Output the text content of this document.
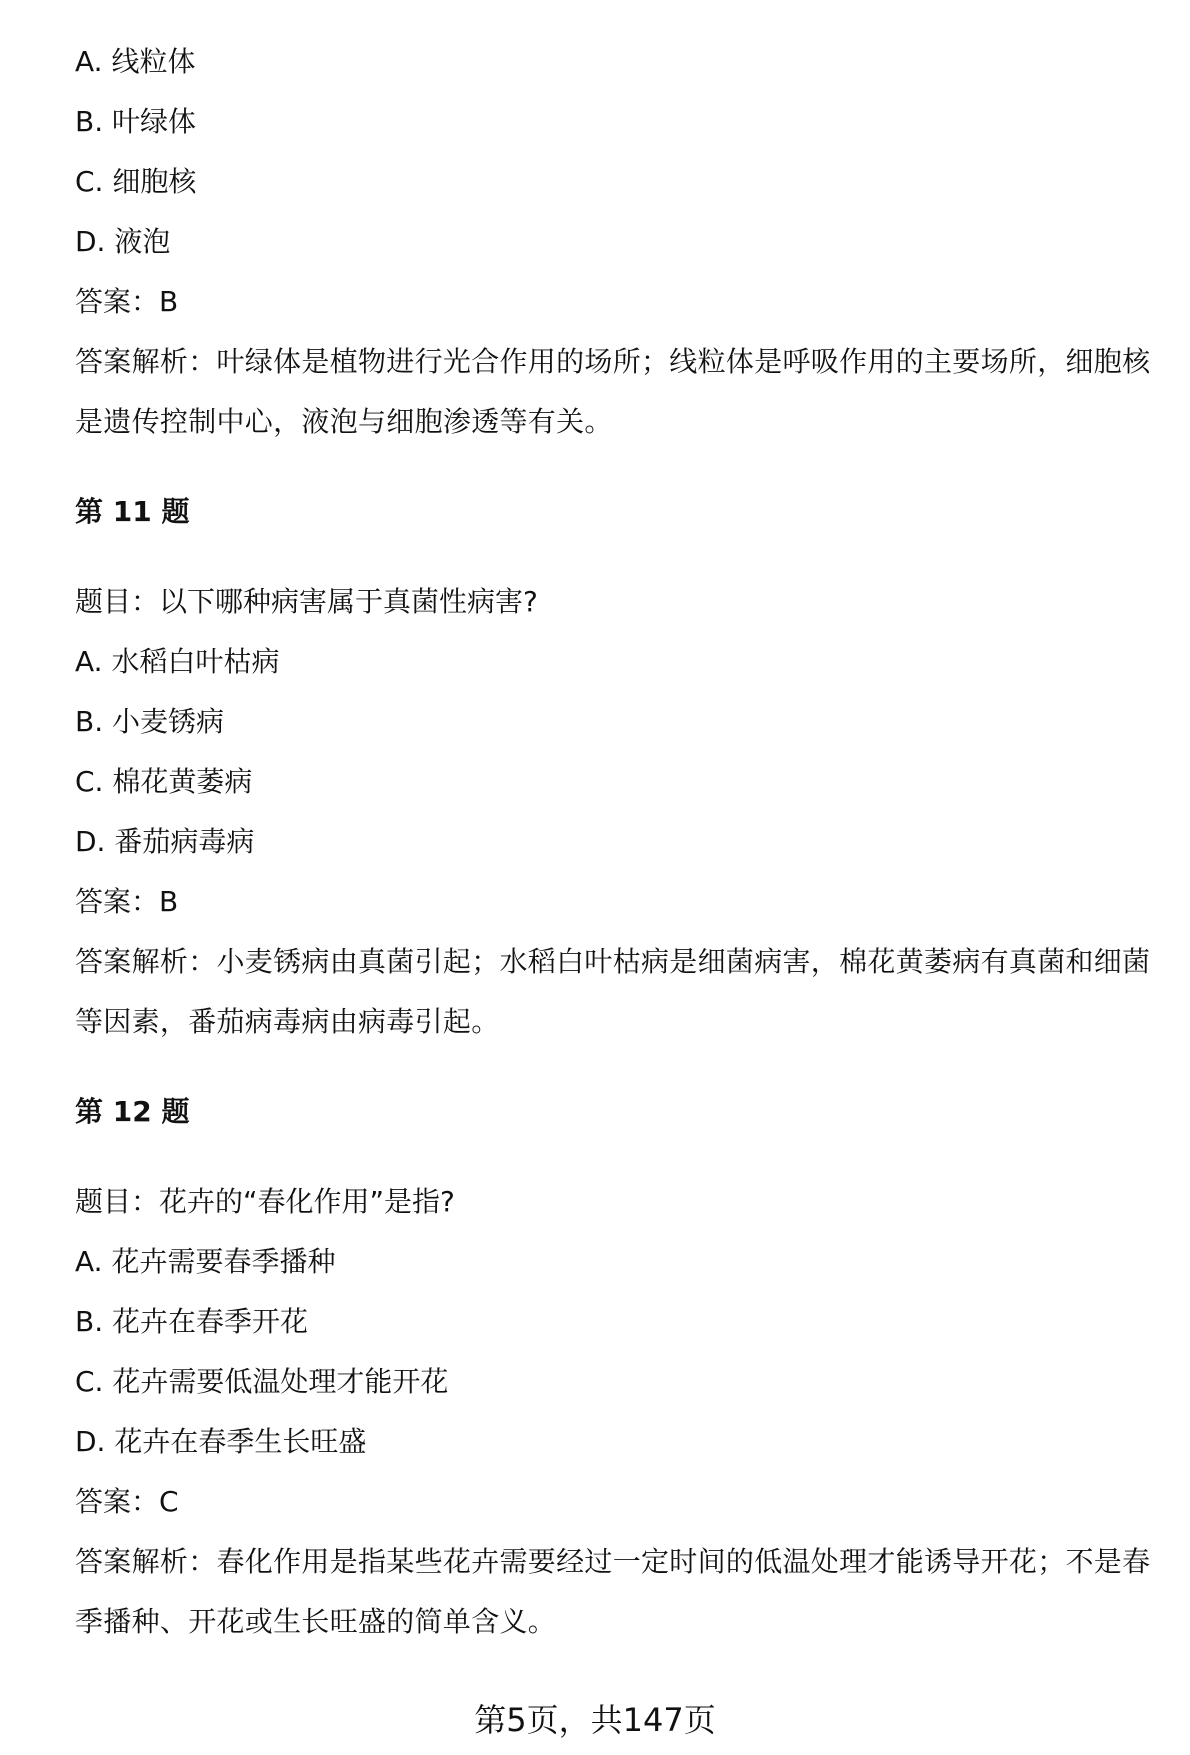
A. 线粒体
B. 叶绿体
C. 细胞核
D. 液泡
答案：B
答案解析：叶绿体是植物进行光合作用的场所；线粒体是呼吸作用的主要场所，细胞核是遗传控制中心，液泡与细胞渗透等有关。
第 11 题
题目：以下哪种病害属于真菌性病害?
A. 水稻白叶枯病
B. 小麦锈病
C. 棉花黄萎病
D. 番茄病毒病
答案：B
答案解析：小麦锈病由真菌引起；水稻白叶枯病是细菌病害，棉花黄萎病有真菌和细菌等因素，番茄病毒病由病毒引起。
第 12 题
题目：花卉的“春化作用”是指?
A. 花卉需要春季播种
B. 花卉在春季开花
C. 花卉需要低温处理才能开花
D. 花卉在春季生长旺盛
答案：C
答案解析：春化作用是指某些花卉需要经过一定时间的低温处理才能诱导开花；不是春季播种、开花或生长旺盛的简单含义。
第5页，共147页
